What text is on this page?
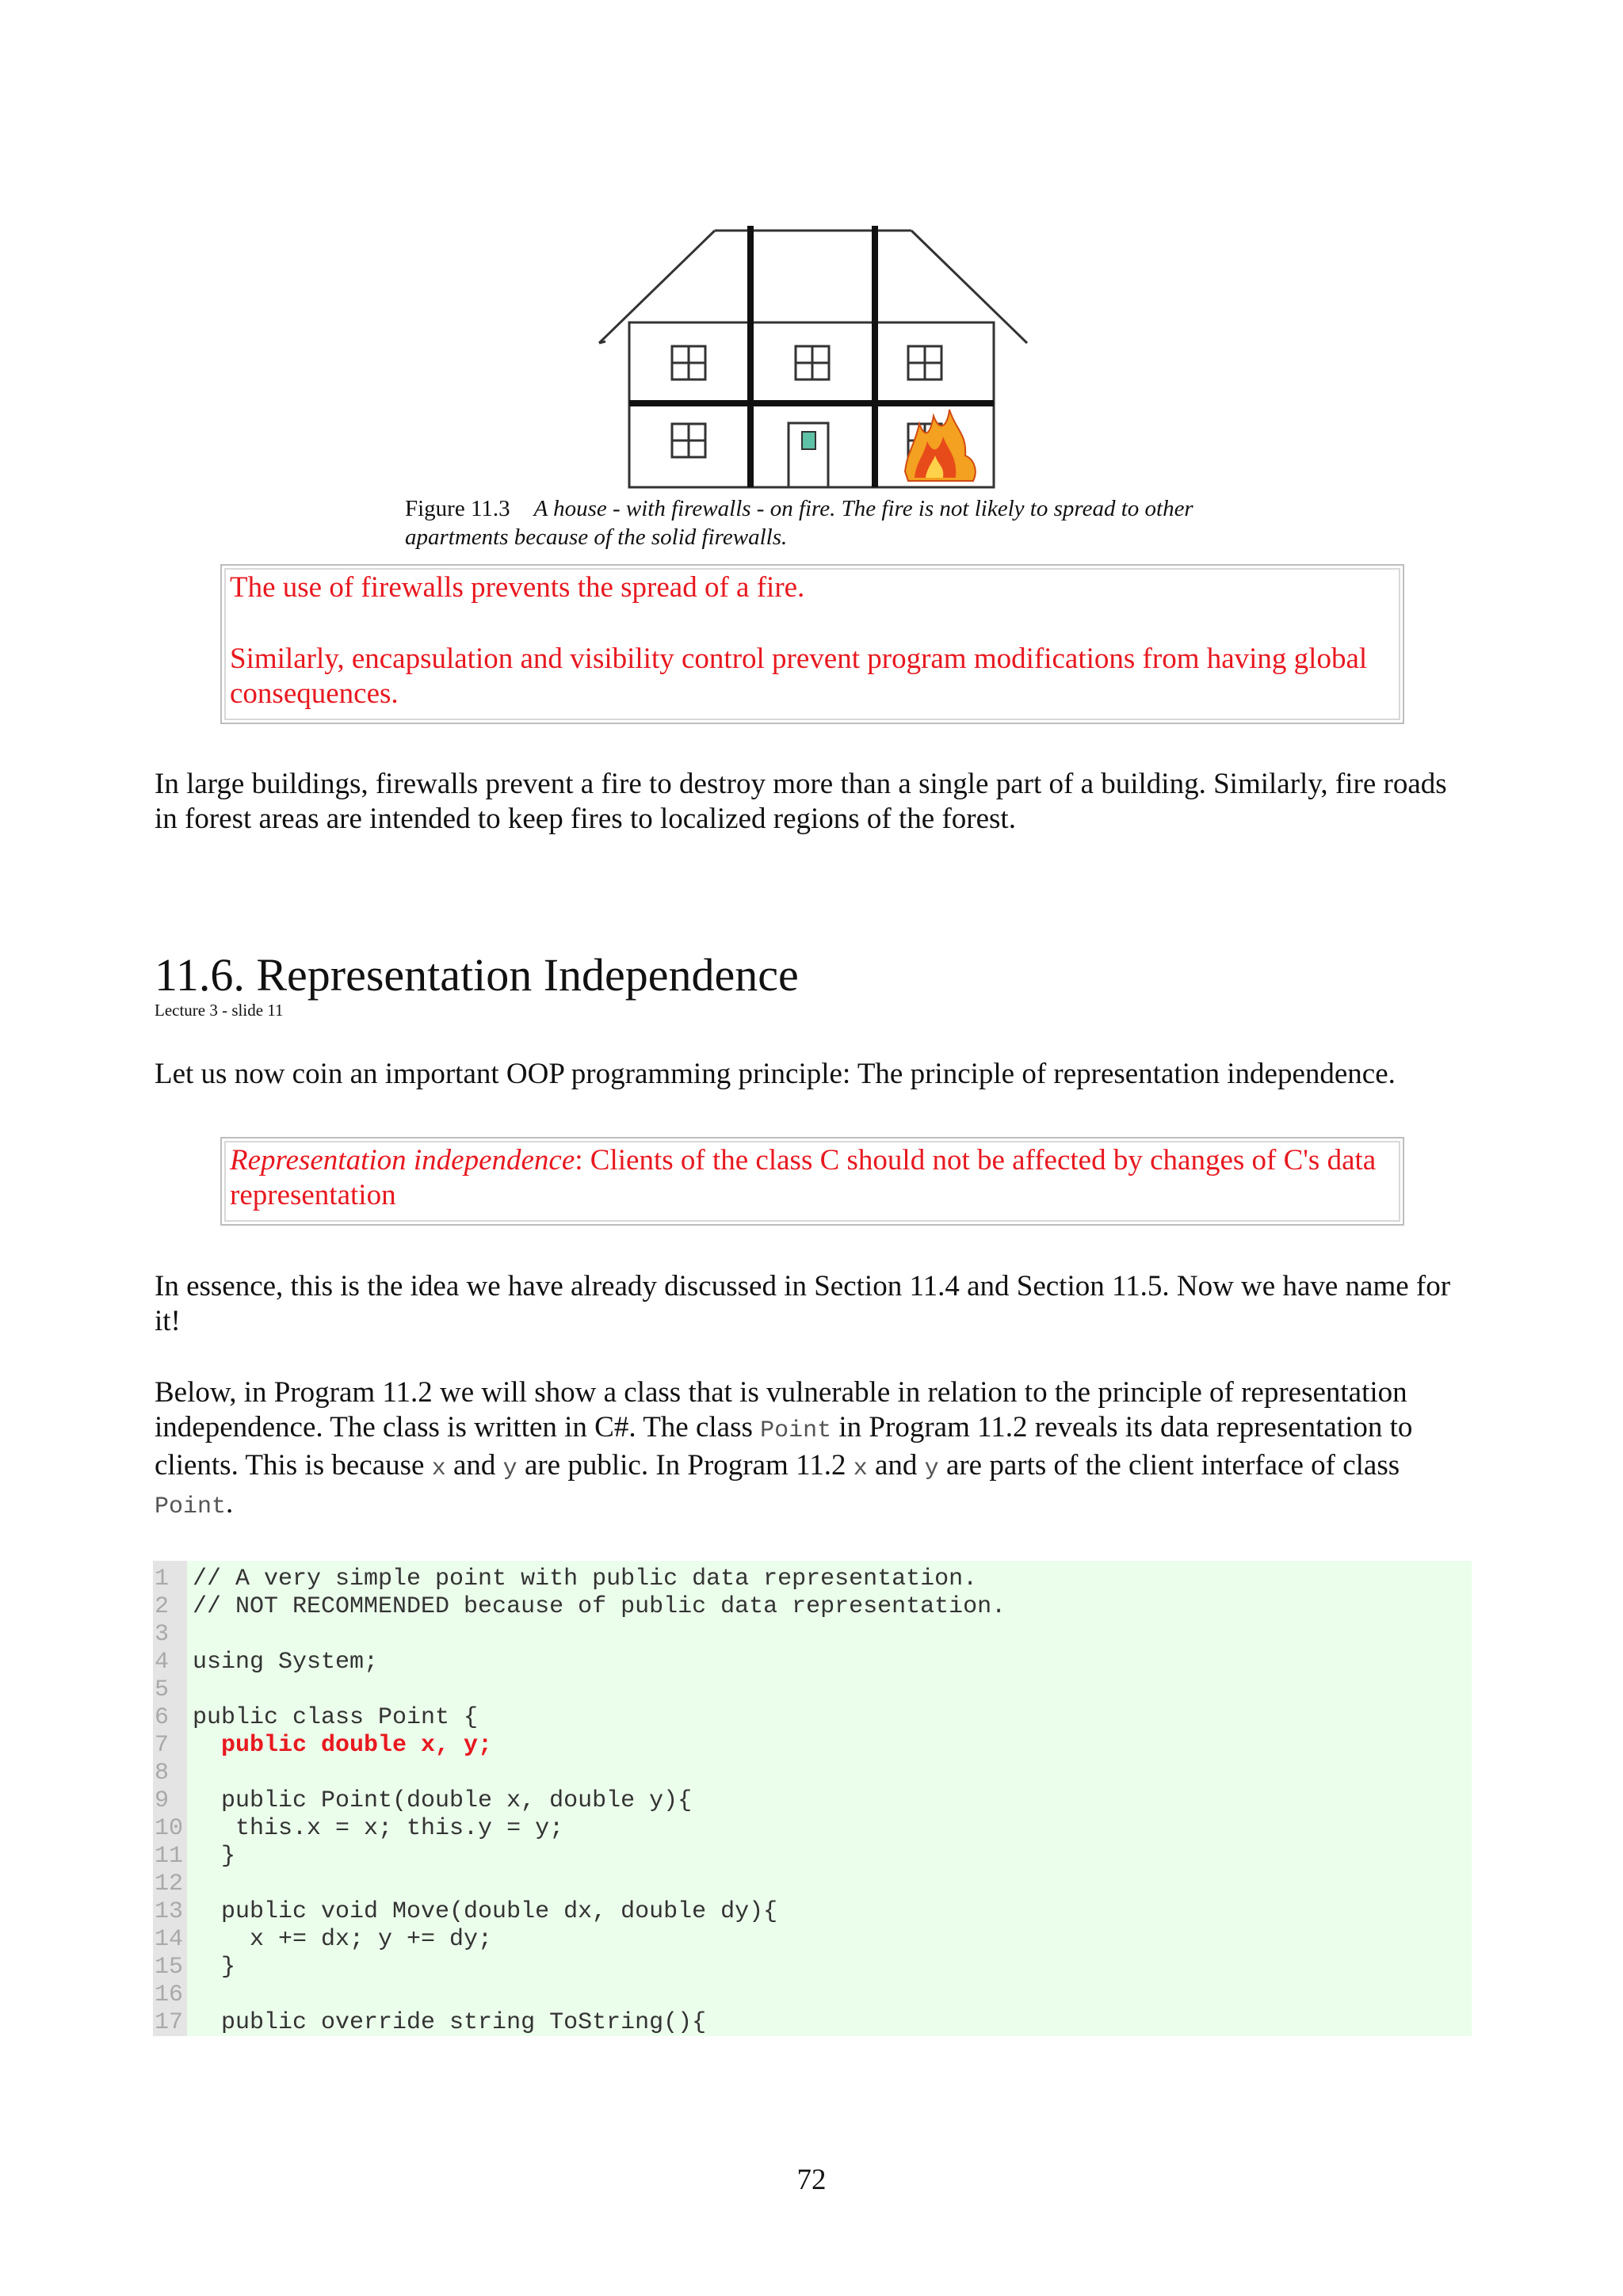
Figure 11.3 A house - with firewalls - on fire. The fire is not likely to spread to other apartments because of the solid firewalls.

The use of firewalls prevents the spread of a fire.

Similarly, encapsulation and visibility control prevent program modifications from having global consequences.

In large buildings, firewalls prevent a fire to destroy more than a single part of a building. Similarly, fire roads in forest areas are intended to keep fires to localized regions of the forest.

11.6. Representation Independence
Lecture 3 - slide 11

Let us now coin an important OOP programming principle: The principle of representation independence.

Representation independence: Clients of the class C should not be affected by changes of C's data representation

In essence, this is the idea we have already discussed in Section 11.4 and Section 11.5. Now we have name for it!

Below, in Program 11.2 we will show a class that is vulnerable in relation to the principle of representation independence. The class is written in C#. The class Point in Program 11.2 reveals its data representation to clients. This is because x and y are public. In Program 11.2 x and y are parts of the client interface of class
Point.

1 // A very simple point with public data representation.
2 // NOT RECOMMENDED because of public data representation.
3
4 using System;
5
6 public class Point {
7 public double x, y;
8
9 public Point(double x, double y){
10 this.x = x; this.y = y;
11 }
12
13 public void Move(double dx, double dy){
14 x += dx; y += dy;
15 }
16
17 public override string ToString(){
72
